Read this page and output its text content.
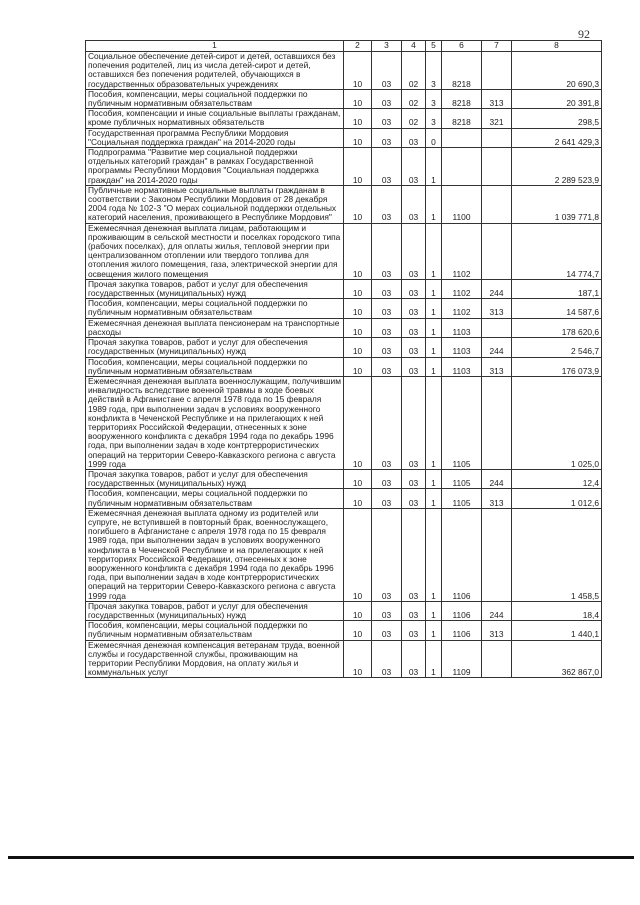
92
1	2	3	4	5	6	7	8
Социальное обеспечение детей-сирот и детей, оставшихся без попечения родителей, лиц из числа детей-сирот и детей, оставшихся без попечения родителей, обучающихся в государственных образовательных учреждениях	10	03	02	3	8218		20 690,3
Пособия, компенсации, меры социальной поддержки по публичным нормативным обязательствам	10	03	02	3	8218	313	20 391,8
Пособия, компенсации и иные социальные выплаты гражданам, кроме публичных нормативных обязательств	10	03	02	3	8218	321	298,5
Государственная программа Республики Мордовия "Социальная поддержка граждан" на 2014-2020 годы	10	03	03	0			2 641 429,3
Подпрограмма "Развитие мер социальной поддержки отдельных категорий граждан" в рамках Государственной программы Республики Мордовия "Социальная поддержка граждан" на 2014-2020 годы	10	03	03	1			2 289 523,9
Публичные нормативные социальные выплаты гражданам в соответствии с Законом Республики Мордовия от 28 декабря 2004 года № 102-З "О мерах социальной поддержки отдельных категорий населения, проживающего в Республике Мордовия"	10	03	03	1	1100		1 039 771,8
Ежемесячная денежная выплата лицам, работающим и проживающим в сельской местности и поселках городского типа (рабочих поселках), для оплаты жилья, тепловой энергии при централизованном отоплении или твердого топлива для отопления жилого помещения, газа, электрической энергии для освещения жилого помещения	10	03	03	1	1102		14 774,7
Прочая закупка товаров, работ и услуг для обеспечения государственных (муниципальных) нужд	10	03	03	1	1102	244	187,1
Пособия, компенсации, меры социальной поддержки по публичным нормативным обязательствам	10	03	03	1	1102	313	14 587,6
Ежемесячная денежная выплата пенсионерам на транспортные расходы	10	03	03	1	1103		178 620,6
Прочая закупка товаров, работ и услуг для обеспечения государственных (муниципальных) нужд	10	03	03	1	1103	244	2 546,7
Пособия, компенсации, меры социальной поддержки по публичным нормативным обязательствам	10	03	03	1	1103	313	176 073,9
Ежемесячная денежная выплата военнослужащим, получившим инвалидность вследствие военной травмы в ходе боевых действий в Афганистане с апреля 1978 года по 15 февраля 1989 года, при выполнении задач в условиях вооруженного конфликта в Чеченской Республике и на прилегающих к ней территориях Российской Федерации, отнесенных к зоне вооруженного конфликта с декабря 1994 года по декабрь 1996 года, при выполнении задач в ходе контртеррористических операций на территории Северо-Кавказского региона с августа 1999 года	10	03	03	1	1105		1 025,0
Прочая закупка товаров, работ и услуг для обеспечения государственных (муниципальных) нужд	10	03	03	1	1105	244	12,4
Пособия, компенсации, меры социальной поддержки по публичным нормативным обязательствам	10	03	03	1	1105	313	1 012,6
Ежемесячная денежная выплата одному из родителей или супруге, не вступившей в повторный брак, военнослужащего, погибшего в Афганистане с апреля 1978 года по 15 февраля 1989 года, при выполнении задач в условиях вооруженного конфликта в Чеченской Республике и на прилегающих к ней территориях Российской Федерации, отнесенных к зоне вооруженного конфликта с декабря 1994 года по декабрь 1996 года, при выполнении задач в ходе контртеррористических операций на территории Северо-Кавказского региона с августа 1999 года	10	03	03	1	1106		1 458,5
Прочая закупка товаров, работ и услуг для обеспечения государственных (муниципальных) нужд	10	03	03	1	1106	244	18,4
Пособия, компенсации, меры социальной поддержки по публичным нормативным обязательствам	10	03	03	1	1106	313	1 440,1
Ежемесячная денежная компенсация ветеранам труда, военной службы и государственной службы, проживающим на территории Республики Мордовия, на оплату жилья и коммунальных услуг	10	03	03	1	1109		362 867,0
